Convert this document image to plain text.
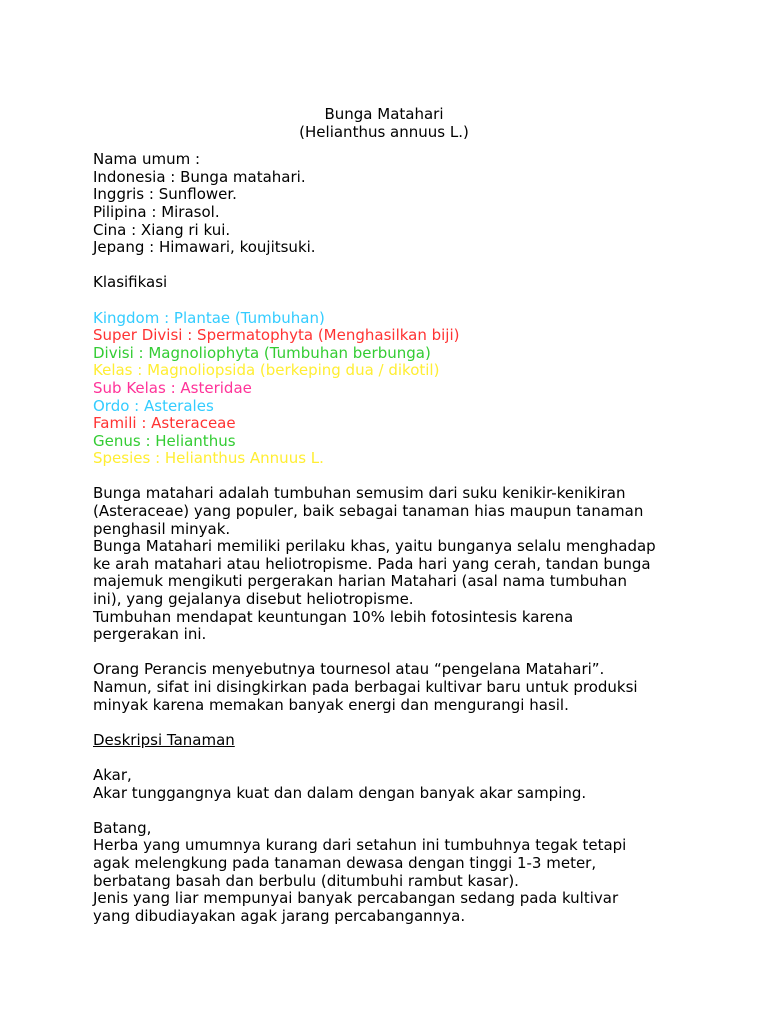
Bunga Matahari
(Helianthus annuus L.)
Nama umum :
Indonesia : Bunga matahari.
Inggris : Sunflower.
Pilipina : Mirasol.
Cina : Xiang ri kui.
Jepang : Himawari, koujitsuki.
Klasifikasi
Kingdom : Plantae (Tumbuhan)
Super Divisi : Spermatophyta (Menghasilkan biji)
Divisi : Magnoliophyta (Tumbuhan berbunga)
Kelas : Magnoliopsida (berkeping dua / dikotil)
Sub Kelas : Asteridae
Ordo : Asterales
Famili : Asteraceae
Genus : Helianthus
Spesies : Helianthus Annuus L.
Bunga matahari adalah tumbuhan semusim dari suku kenikir-kenikiran
(Asteraceae) yang populer, baik sebagai tanaman hias maupun tanaman
penghasil minyak.
Bunga Matahari memiliki perilaku khas, yaitu bunganya selalu menghadap
ke arah matahari atau heliotropisme. Pada hari yang cerah, tandan bunga
majemuk mengikuti pergerakan harian Matahari (asal nama tumbuhan
ini), yang gejalanya disebut heliotropisme.
Tumbuhan mendapat keuntungan 10% lebih fotosintesis karena
pergerakan ini.
Orang Perancis menyebutnya tournesol atau “pengelana Matahari”.
Namun, sifat ini disingkirkan pada berbagai kultivar baru untuk produksi
minyak karena memakan banyak energi dan mengurangi hasil.
Deskripsi Tanaman
Akar,
Akar tunggangnya kuat dan dalam dengan banyak akar samping.
Batang,
Herba yang umumnya kurang dari setahun ini tumbuhnya tegak tetapi
agak melengkung pada tanaman dewasa dengan tinggi 1-3 meter,
berbatang basah dan berbulu (ditumbuhi rambut kasar).
Jenis yang liar mempunyai banyak percabangan sedang pada kultivar
yang dibudiayakan agak jarang percabangannya.
